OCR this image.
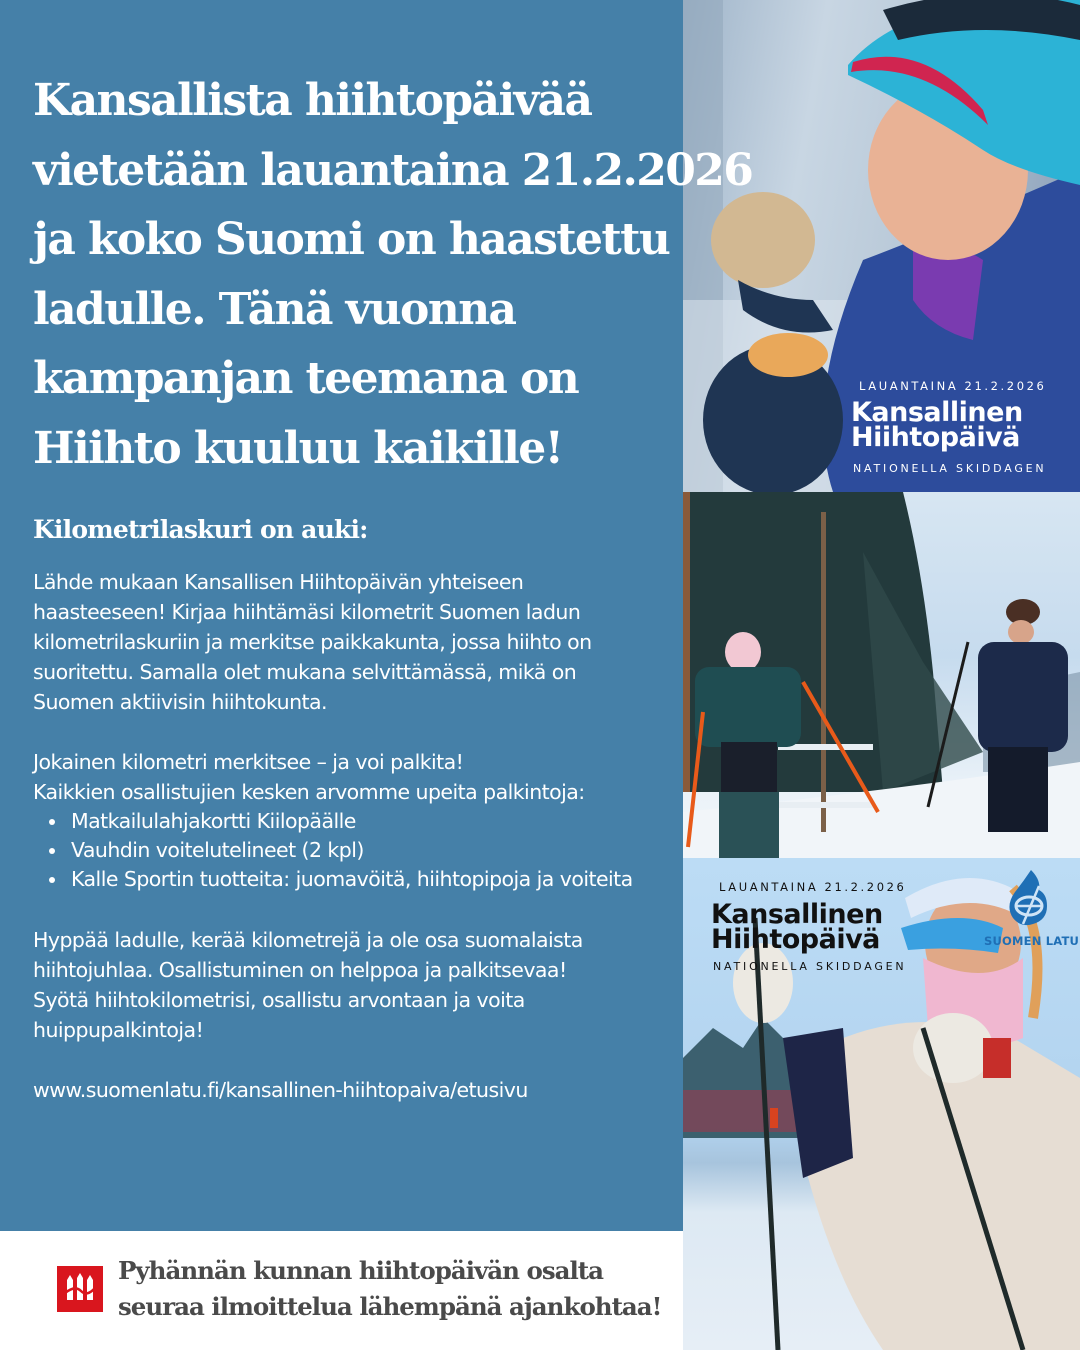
Kansallista hiihtopäivää
vietetään lauantaina 21.2.2026
ja koko Suomi on haastettu
ladulle. Tänä vuonna
kampanjan teemana on
Hiihto kuuluu kaikille!
Kilometrilaskuri on auki:
Lähde mukaan Kansallisen Hiihtopäivän yhteiseen
haasteeseen! Kirjaa hiihtämäsi kilometrit Suomen ladun
kilometrilaskuriin ja merkitse paikkakunta, jossa hiihto on
suoritettu. Samalla olet mukana selvittämässä, mikä on
Suomen aktiivisin hiihtokunta.
Jokainen kilometri merkitsee – ja voi palkita!
Kaikkien osallistujien kesken arvomme upeita palkintoja:
Matkailulahjakortti Kiilopäälle
Vauhdin voitelutelineet (2 kpl)
Kalle Sportin tuotteita: juomavöitä, hiihtopipoja ja voiteita
Hyppää ladulle, kerää kilometrejä ja ole osa suomalaista
hiihtojuhlaa. Osallistuminen on helppoa ja palkitsevaa!
Syötä hiihtokilometrisi, osallistu arvontaan ja voita
huippupalkintoja!
www.suomenlatu.fi/kansallinen-hiihtopaiva/etusivu
Pyhännän kunnan hiihtopäivän osalta
seuraa ilmoittelua lähempänä ajankohtaa!
LAUANTAINA 21.2.2026
Kansallinen
Hiihtopäivä
NATIONELLA SKIDDAGEN
LAUANTAINA 21.2.2026
Kansallinen
Hiihtopäivä
NATIONELLA SKIDDAGEN
SUOMEN LATU
